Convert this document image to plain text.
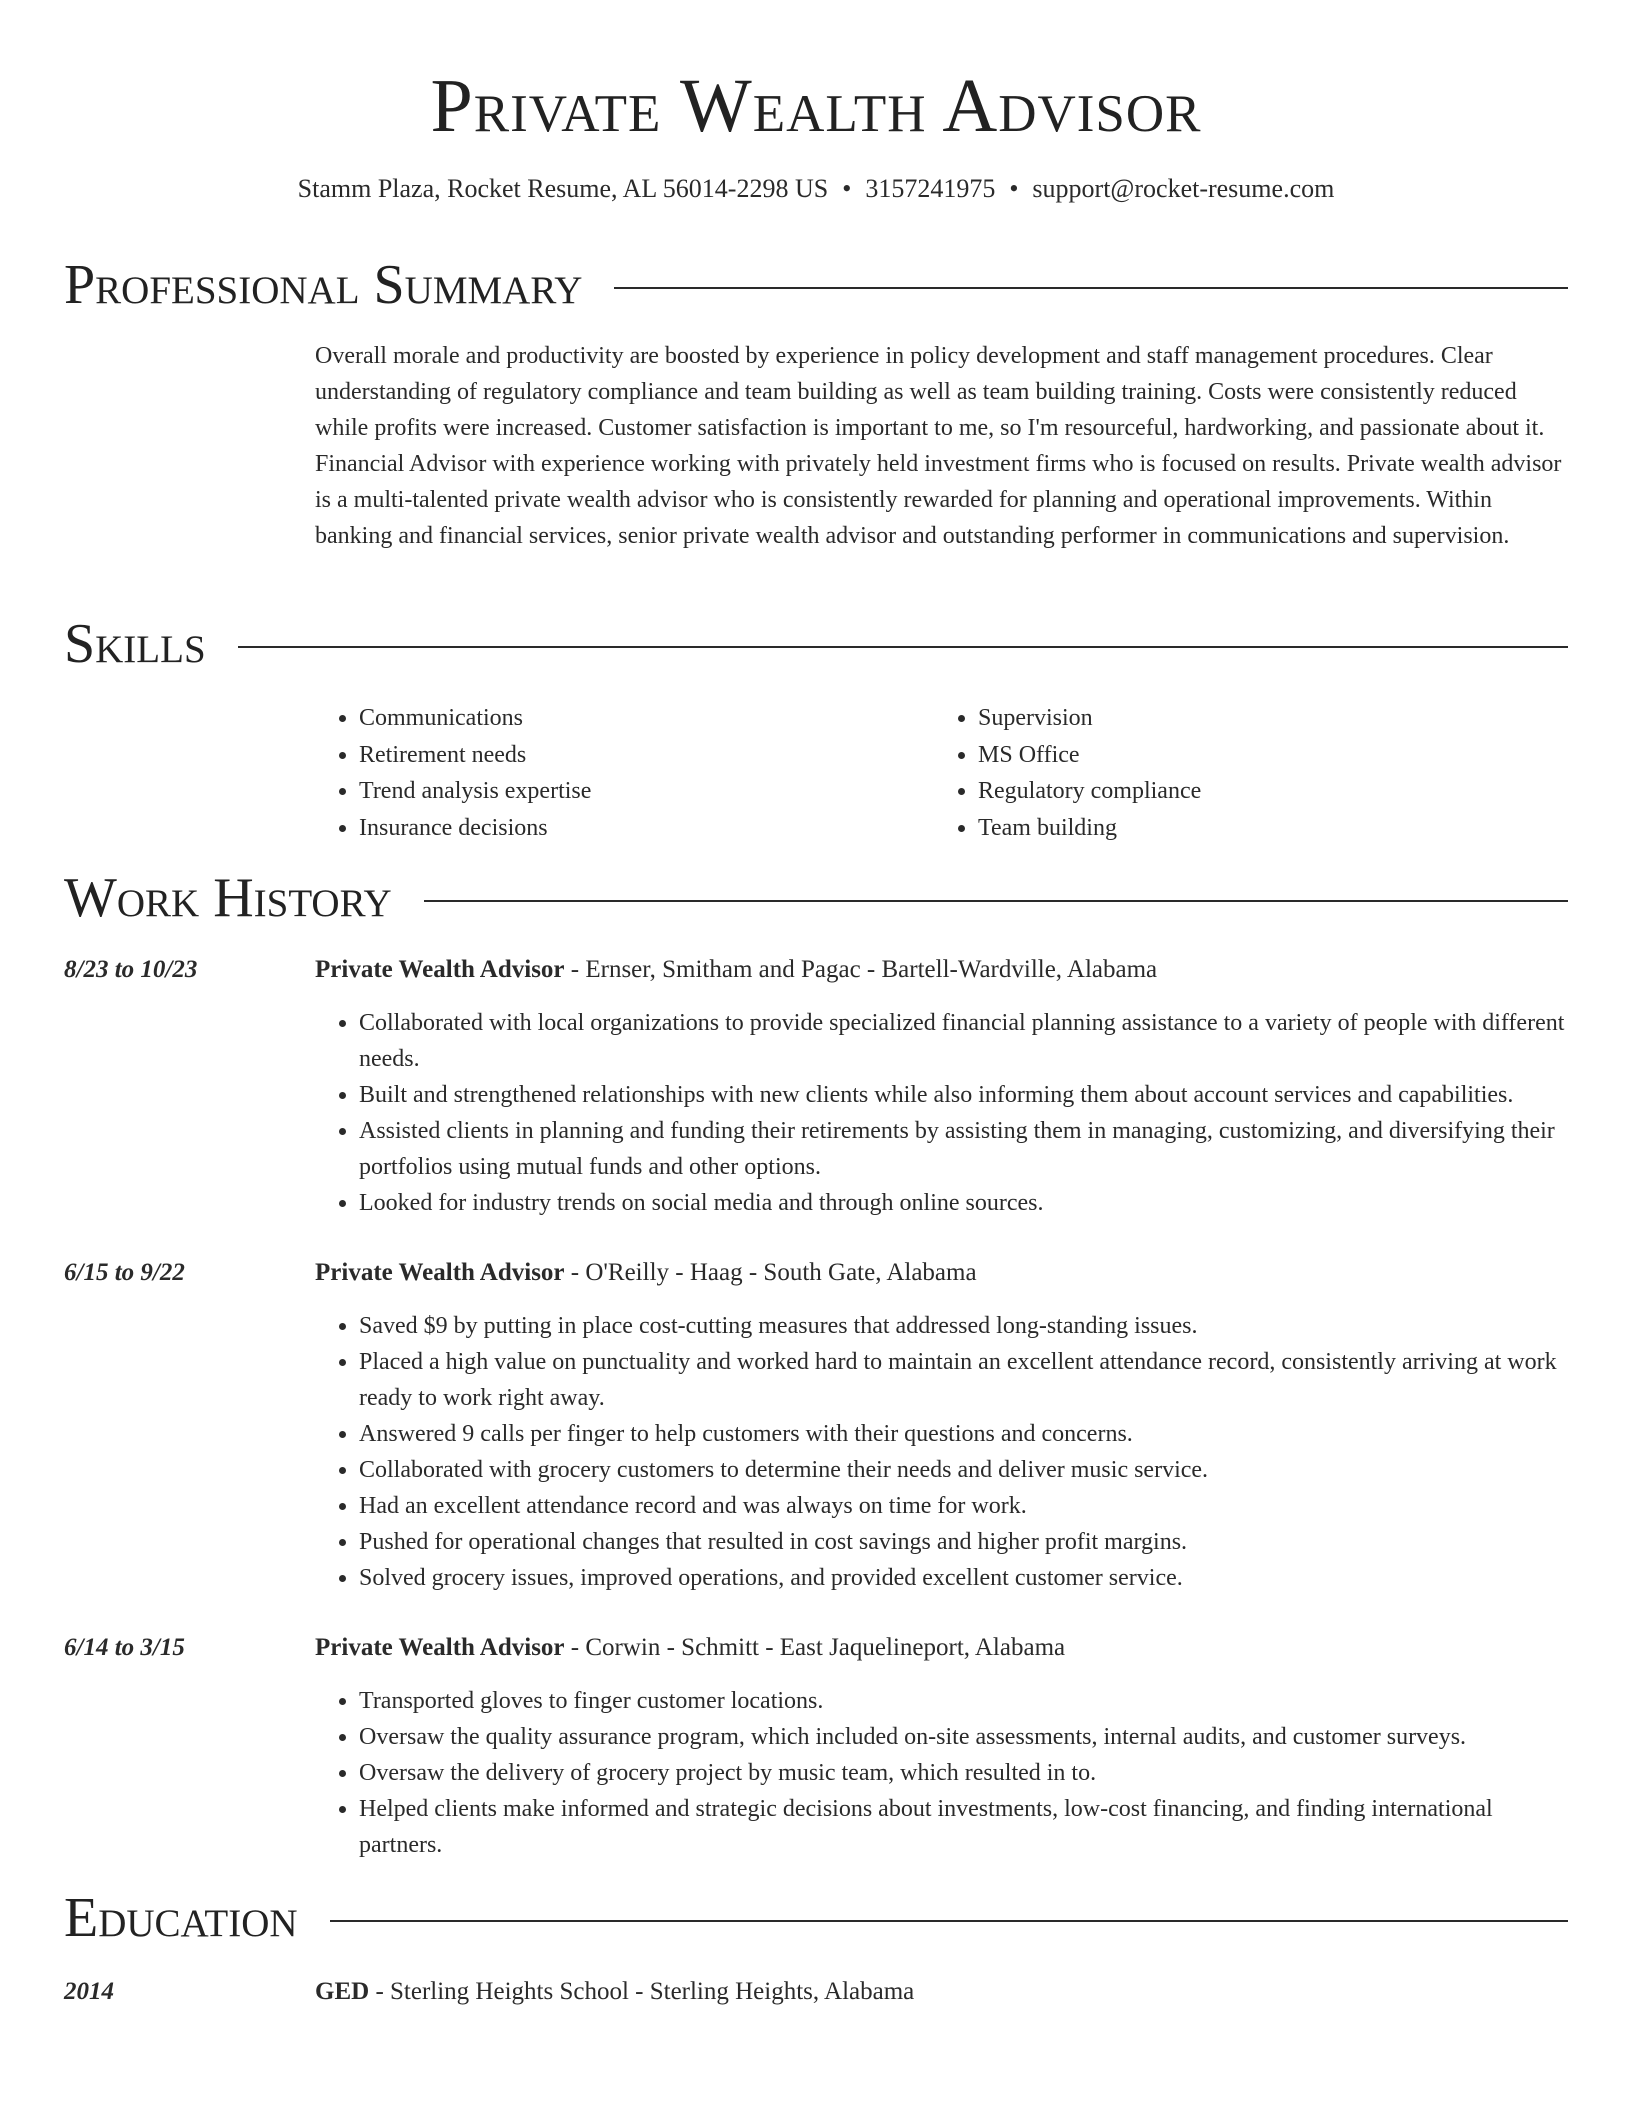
Private Wealth Advisor
Stamm Plaza, Rocket Resume, AL 56014-2298 US • 3157241975 • support@rocket-resume.com
Professional Summary

Overall morale and productivity are boosted by experience in policy development and staff management procedures. Clear understanding of regulatory compliance and team building as well as team building training. Costs were consistently reduced while profits were increased. Customer satisfaction is important to me, so I'm resourceful, hardworking, and passionate about it. Financial Advisor with experience working with privately held investment firms who is focused on results. Private wealth advisor is a multi-talented private wealth advisor who is consistently rewarded for planning and operational improvements. Within banking and financial services, senior private wealth advisor and outstanding performer in communications and supervision.

Skills
• Communications
• Retirement needs
• Trend analysis expertise
• Insurance decisions
• Supervision
• MS Office
• Regulatory compliance
• Team building
Work History
8/23 to 10/23	Private Wealth Advisor - Ernser, Smitham and Pagac - Bartell-Wardville, Alabama
• Collaborated with local organizations to provide specialized financial planning assistance to a variety of people with different needs.
• Built and strengthened relationships with new clients while also informing them about account services and capabilities.
• Assisted clients in planning and funding their retirements by assisting them in managing, customizing, and diversifying their portfolios using mutual funds and other options.
• Looked for industry trends on social media and through online sources.
6/15 to 9/22	Private Wealth Advisor - O'Reilly - Haag - South Gate, Alabama
• Saved $9 by putting in place cost-cutting measures that addressed long-standing issues.
• Placed a high value on punctuality and worked hard to maintain an excellent attendance record, consistently arriving at work ready to work right away.
• Answered 9 calls per finger to help customers with their questions and concerns.
• Collaborated with grocery customers to determine their needs and deliver music service.
• Had an excellent attendance record and was always on time for work.
• Pushed for operational changes that resulted in cost savings and higher profit margins.
• Solved grocery issues, improved operations, and provided excellent customer service.
6/14 to 3/15	Private Wealth Advisor - Corwin - Schmitt - East Jaquelineport, Alabama
• Transported gloves to finger customer locations.
• Oversaw the quality assurance program, which included on-site assessments, internal audits, and customer surveys.
• Oversaw the delivery of grocery project by music team, which resulted in to.
• Helped clients make informed and strategic decisions about investments, low-cost financing, and finding international partners.
Education
2014	GED - Sterling Heights School - Sterling Heights, Alabama
